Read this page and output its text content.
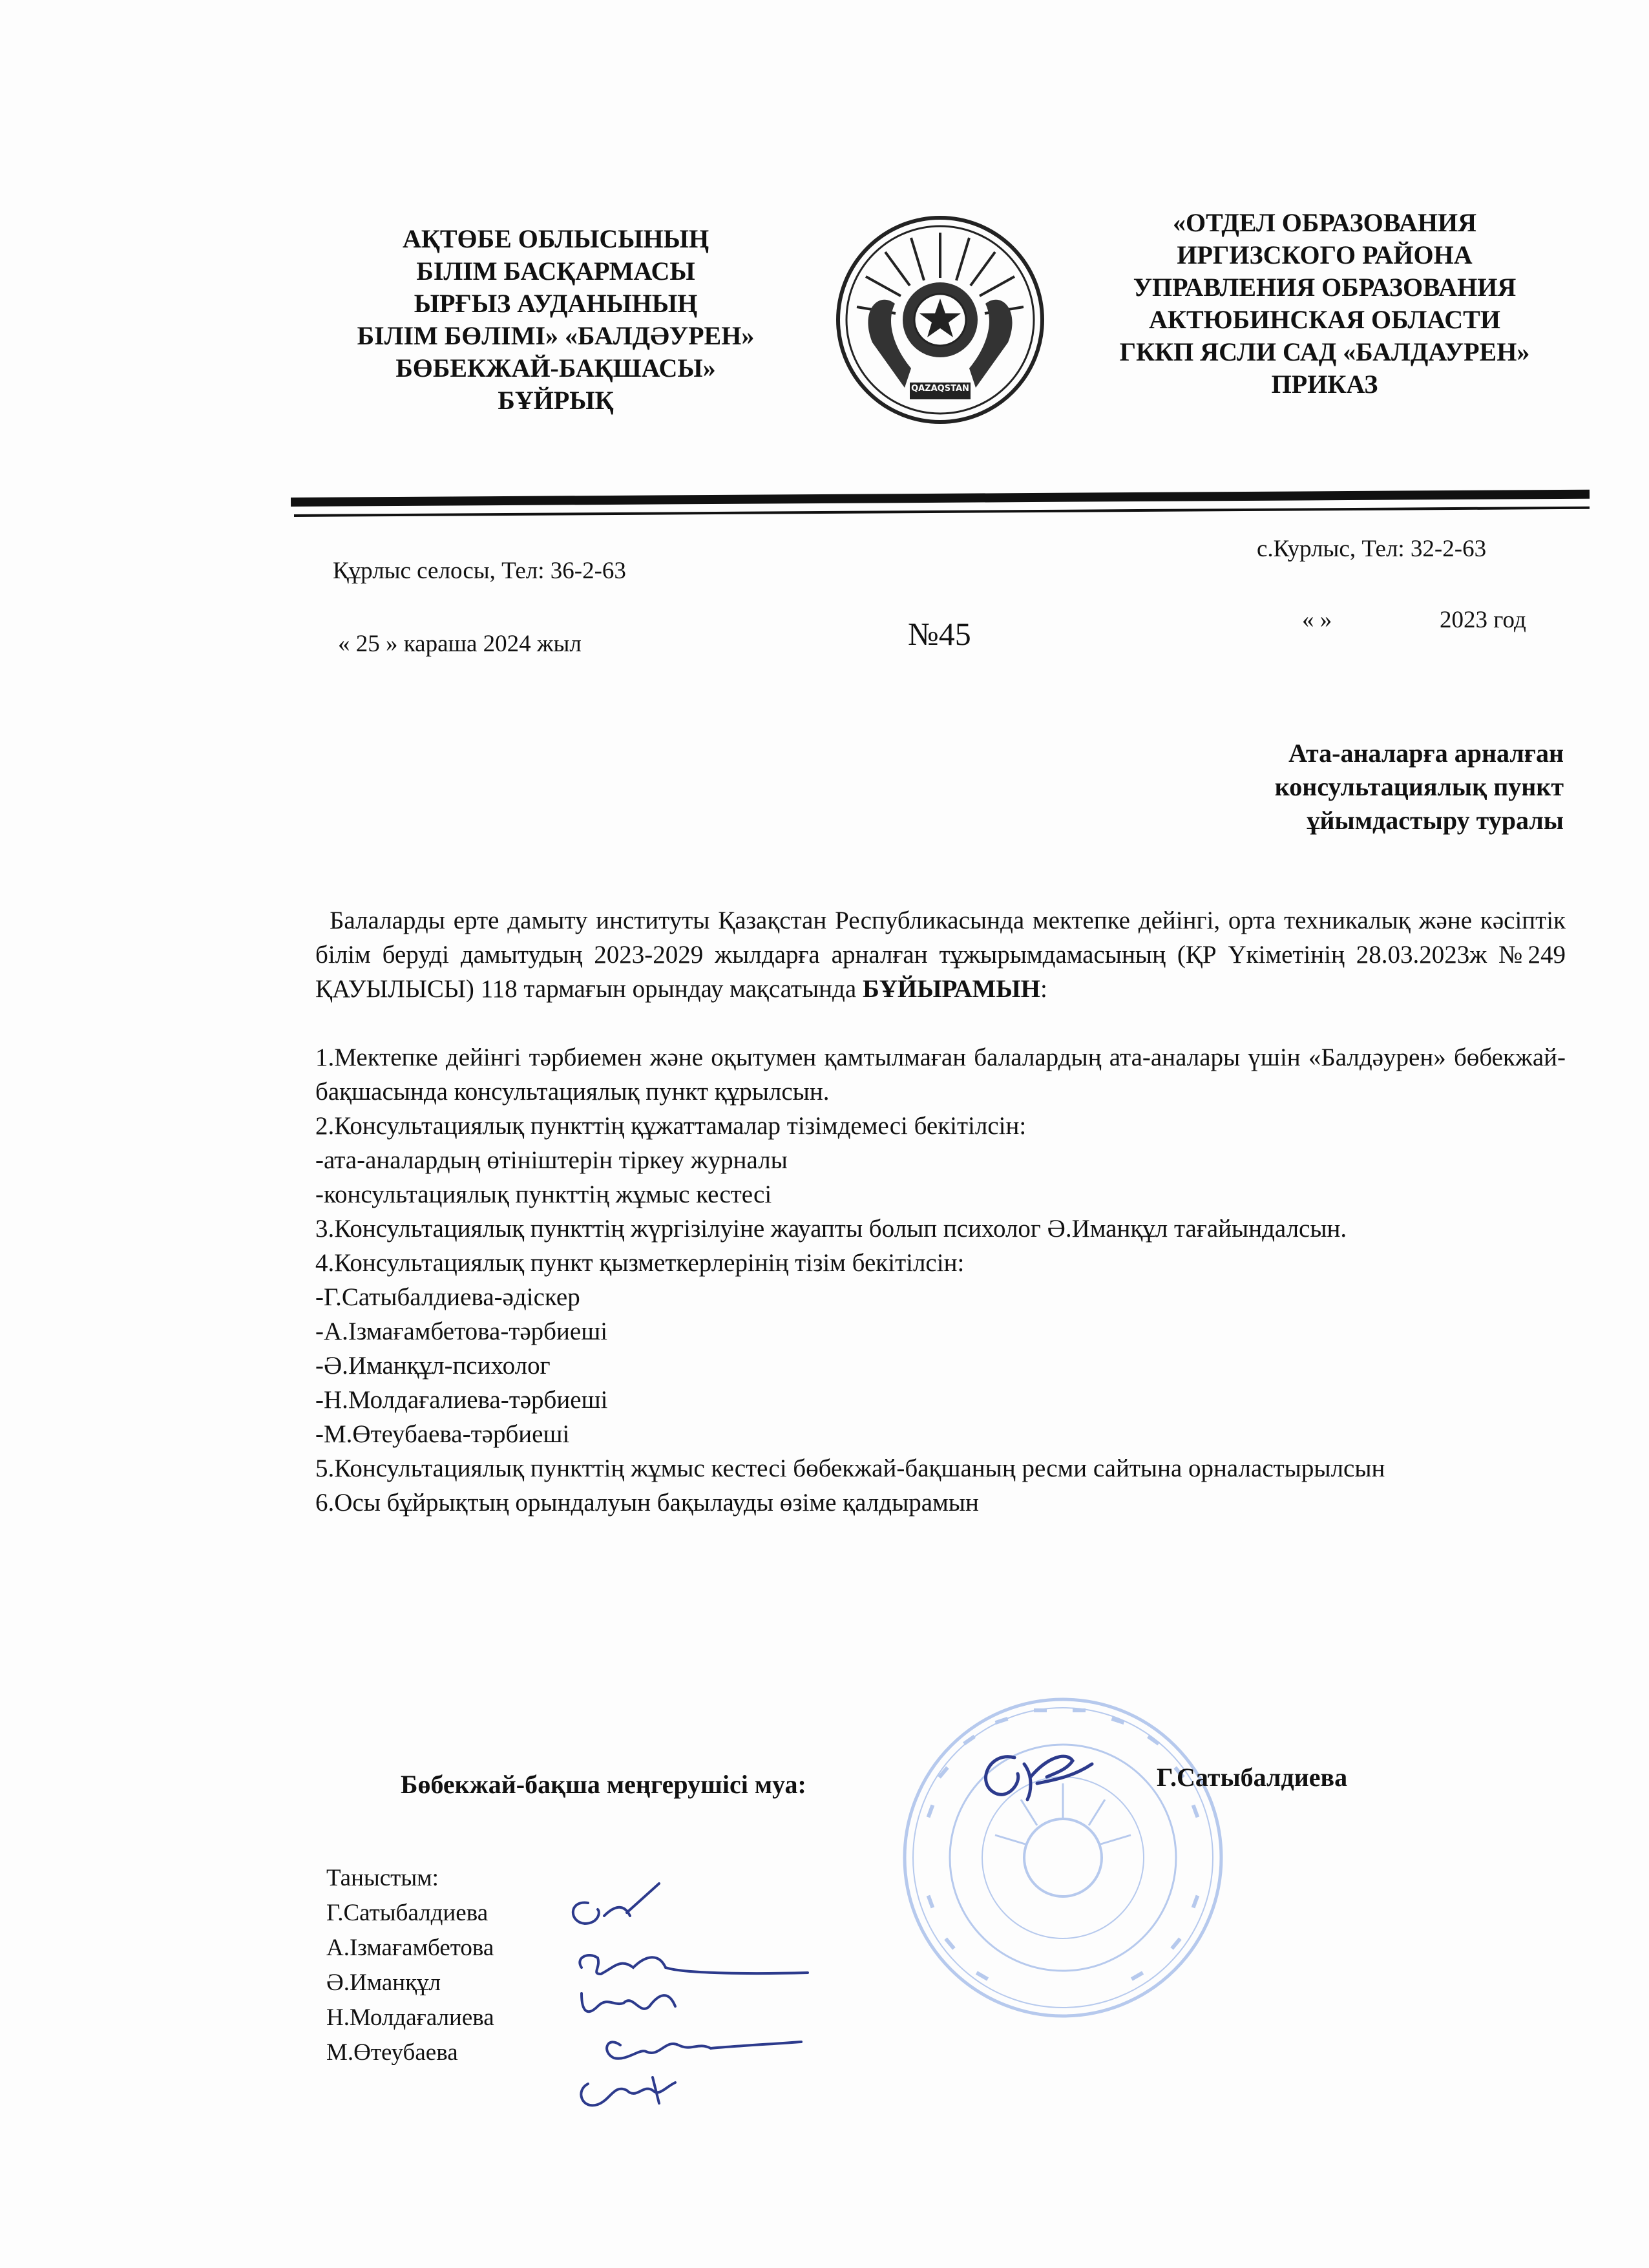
АҚТӨБЕ ОБЛЫСЫНЫҢ
БІЛІМ БАСҚАРМАСЫ
ЫРҒЫЗ АУДАНЫНЫҢ
БІЛІМ БӨЛІМІ» «БАЛДӘУРЕН»
БӨБЕКЖАЙ-БАҚШАСЫ»
БҰЙРЫҚ	QAZAQSTAN
«ОТДЕЛ ОБРАЗОВАНИЯ
ИРГИЗСКОГО РАЙОНА
УПРАВЛЕНИЯ ОБРАЗОВАНИЯ
АКТЮБИНСКАЯ ОБЛАСТИ
ГККП ЯСЛИ САД «БАЛДАУРЕН»
ПРИКАЗ
Құрлыс селосы, Тел: 36-2-63
с.Курлыс, Тел: 32-2-63
« 25 » караша 2024 жыл	№45	« »	2023 год
Ата-аналарға арналған
консультациялық пункт
ұйымдастыру туралы
Балаларды ерте дамыту институты Қазақстан Республикасында мектепке дейінгі, орта техникалық және кәсіптік білім беруді дамытудың 2023-2029 жылдарға арналған тұжырымдамасының (ҚР Үкіметінің 28.03.2023ж №249 ҚАУЫЛЫСЫ) 118 тармағын орындау мақсатында БҰЙЫРАМЫН:
1.Мектепке дейінгі тәрбиемен және оқытумен қамтылмаған балалардың ата-аналары үшін «Балдәурен» бөбекжай-бақшасында консультациялық пункт құрылсын.
2.Консультациялық пункттің құжаттамалар тізімдемесі бекітілсін:
-ата-аналардың өтініштерін тіркеу журналы
-консультациялық пункттің жұмыс кестесі
3.Консультациялық пункттің жүргізілуіне жауапты болып психолог Ә.Иманқұл тағайындалсын.
4.Консультациялық пункт қызметкерлерінің тізім бекітілсін:
-Г.Сатыбалдиева-әдіскер
-А.Ізмағамбетова-тәрбиеші
-Ә.Иманқұл-психолог
-Н.Молдағалиева-тәрбиеші
-М.Өтеубаева-тәрбиеші
5.Консультациялық пункттің жұмыс кестесі бөбекжай-бақшаның ресми сайтына орналастырылсын
6.Осы бұйрықтың орындалуын бақылауды өзіме қалдырамын
Бөбекжай-бақша меңгерушісі муа:	Г.Сатыбалдиева
Таныстым:
Г.Сатыбалдиева
А.Ізмағамбетова
Ә.Иманқұл
Н.Молдағалиева
М.Өтеубаева
